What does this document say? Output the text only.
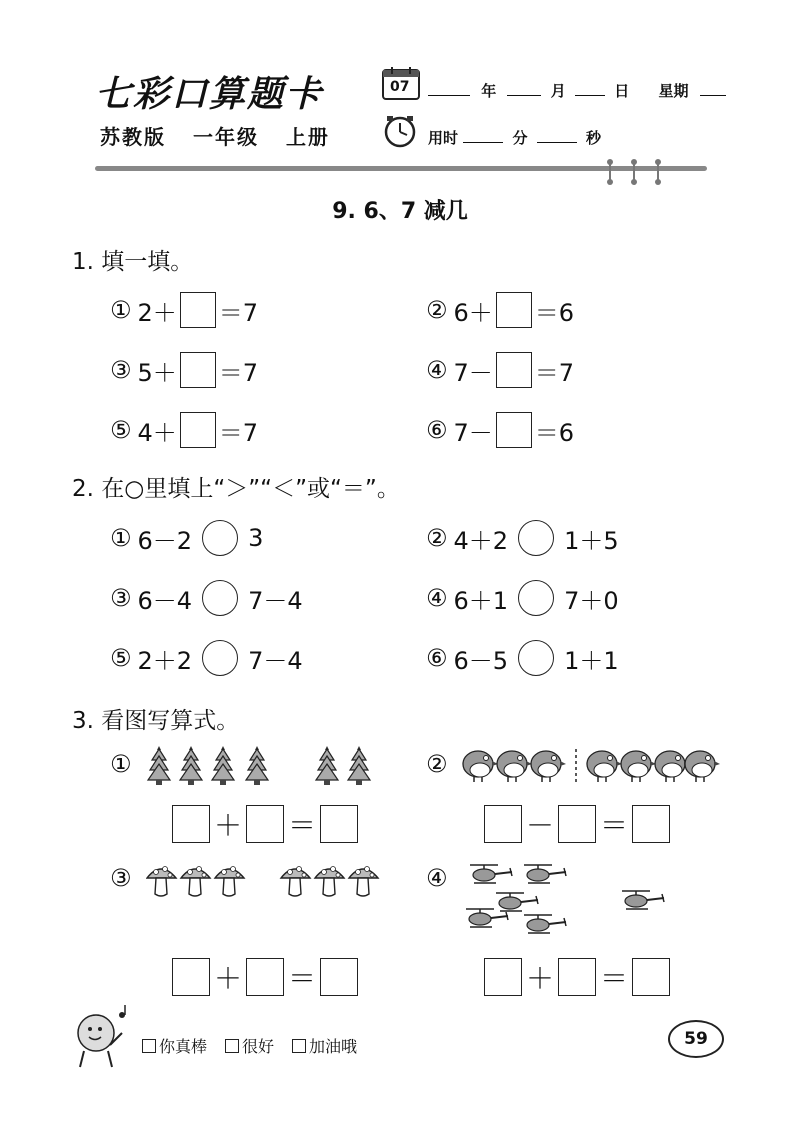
七彩口算题卡
苏教版 一年级 上册
07	年	月	日 星期
用时	分	秒
9. 6、7 减几
1. 填一填。
① 2＋ ＝7	② 6＋ ＝6
③ 5＋ ＝7	④ 7－ ＝7
⑤ 4＋ ＝7	⑥ 7－ ＝6
2. 在○里填上“＞”“＜”或“＝”。
① 6－2 3	② 4＋2 1＋5
③ 6－4 7－4	④ 6＋1 7＋0
⑤ 2＋2 7－4	⑥ 6－5 1＋1
3. 看图写算式。
①	②
＋ ＝	－ ＝
③	④
＋ ＝	＋ ＝
你真棒	很好	加油哦	59
